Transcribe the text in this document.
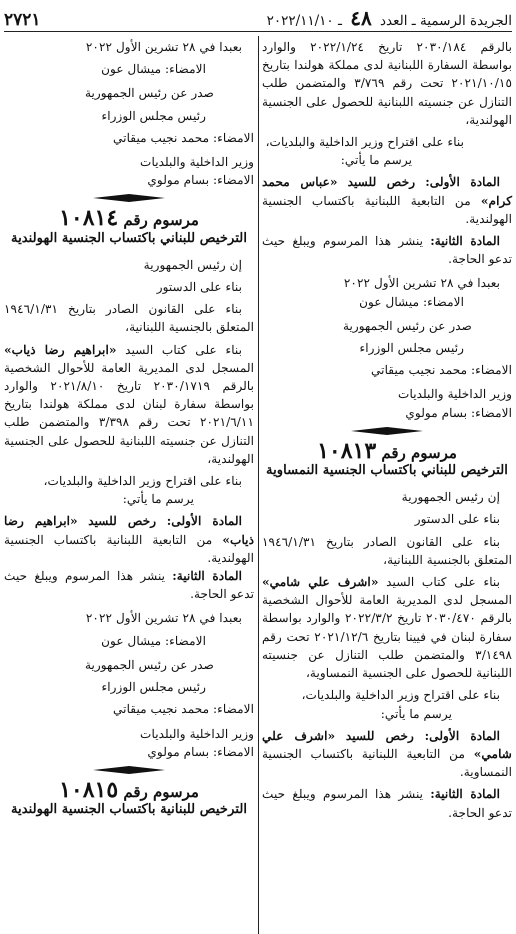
الجريدة الرسمية ـ العدد ٤٨ ـ ٢٠٢٢/١١/١٠
٢٧٢١

بالرقم ٢٠٣٠/١٨٤ تاريخ ٢٠٢٢/١/٢٤ والوارد بواسطة السفارة اللبنانية لدى مملكة هولندا بتاريخ ٢٠٢١/١٠/١٥ تحت رقم ٣/٧٦٩ والمتضمن طلب التنازل عن جنسيته اللبنانية للحصول على الجنسية الهولندية،

بناء على اقتراح وزير الداخلية والبلديات،

يرسم ما يأتي:

المادة الأولى: رخص للسيد «عباس محمد كرام» من التابعية اللبنانية باكتساب الجنسية الهولندية.

المادة الثانية: ينشر هذا المرسوم ويبلغ حيث تدعو الحاجة.

بعبدا في ٢٨ تشرين الأول ٢٠٢٢

الامضاء: ميشال عون

صدر عن رئيس الجمهورية

رئيس مجلس الوزراء

الامضاء: محمد نجيب ميقاتي

وزير الداخلية والبلديات

الامضاء: بسام مولوي

مرسوم رقم ١٠٨١٣
الترخيص للبناني باكتساب الجنسية النمساوية

إن رئيس الجمهورية

بناء على الدستور

بناء على القانون الصادر بتاريخ ١٩٤٦/١/٣١ المتعلق بالجنسية اللبنانية،

بناء على كتاب السيد «اشرف علي شامي» المسجل لدى المديرية العامة للأحوال الشخصية بالرقم ٢٠٣٠/٤٧٠ تاريخ ٢٠٢٢/٣/٢ والوارد بواسطة سفارة لبنان في فيينا بتاريخ ٢٠٢١/١٢/٦ تحت رقم ٣/١٤٩٨ والمتضمن طلب التنازل عن جنسيته اللبنانية للحصول على الجنسية النمساوية،

بناء على اقتراح وزير الداخلية والبلديات،

يرسم ما يأتي:

المادة الأولى: رخص للسيد «اشرف علي شامي» من التابعية اللبنانية باكتساب الجنسية النمساوية.

المادة الثانية: ينشر هذا المرسوم ويبلغ حيث تدعو الحاجة.

بعبدا في ٢٨ تشرين الأول ٢٠٢٢

الامضاء: ميشال عون

صدر عن رئيس الجمهورية

رئيس مجلس الوزراء

الامضاء: محمد نجيب ميقاتي

وزير الداخلية والبلديات

الامضاء: بسام مولوي

مرسوم رقم ١٠٨١٤
الترخيص للبناني باكتساب الجنسية الهولندية

إن رئيس الجمهورية

بناء على الدستور

بناء على القانون الصادر بتاريخ ١٩٤٦/١/٣١ المتعلق بالجنسية اللبنانية،

بناء على كتاب السيد «ابراهيم رضا ذياب» المسجل لدى المديرية العامة للأحوال الشخصية بالرقم ٢٠٣٠/١٧١٩ تاريخ ٢٠٢١/٨/١٠ والوارد بواسطة سفارة لبنان لدى مملكة هولندا بتاريخ ٢٠٢١/٦/١١ تحت رقم ٣/٣٩٨ والمتضمن طلب التنازل عن جنسيته اللبنانية للحصول على الجنسية الهولندية،

بناء على اقتراح وزير الداخلية والبلديات،

يرسم ما يأتي:

المادة الأولى: رخص للسيد «ابراهيم رضا ذياب» من التابعية اللبنانية باكتساب الجنسية الهولندية.

المادة الثانية: ينشر هذا المرسوم ويبلغ حيث تدعو الحاجة.

بعبدا في ٢٨ تشرين الأول ٢٠٢٢

الامضاء: ميشال عون

صدر عن رئيس الجمهورية

رئيس مجلس الوزراء

الامضاء: محمد نجيب ميقاتي

وزير الداخلية والبلديات

الامضاء: بسام مولوي

مرسوم رقم ١٠٨١٥
الترخيص للبنانية باكتساب الجنسية الهولندية
